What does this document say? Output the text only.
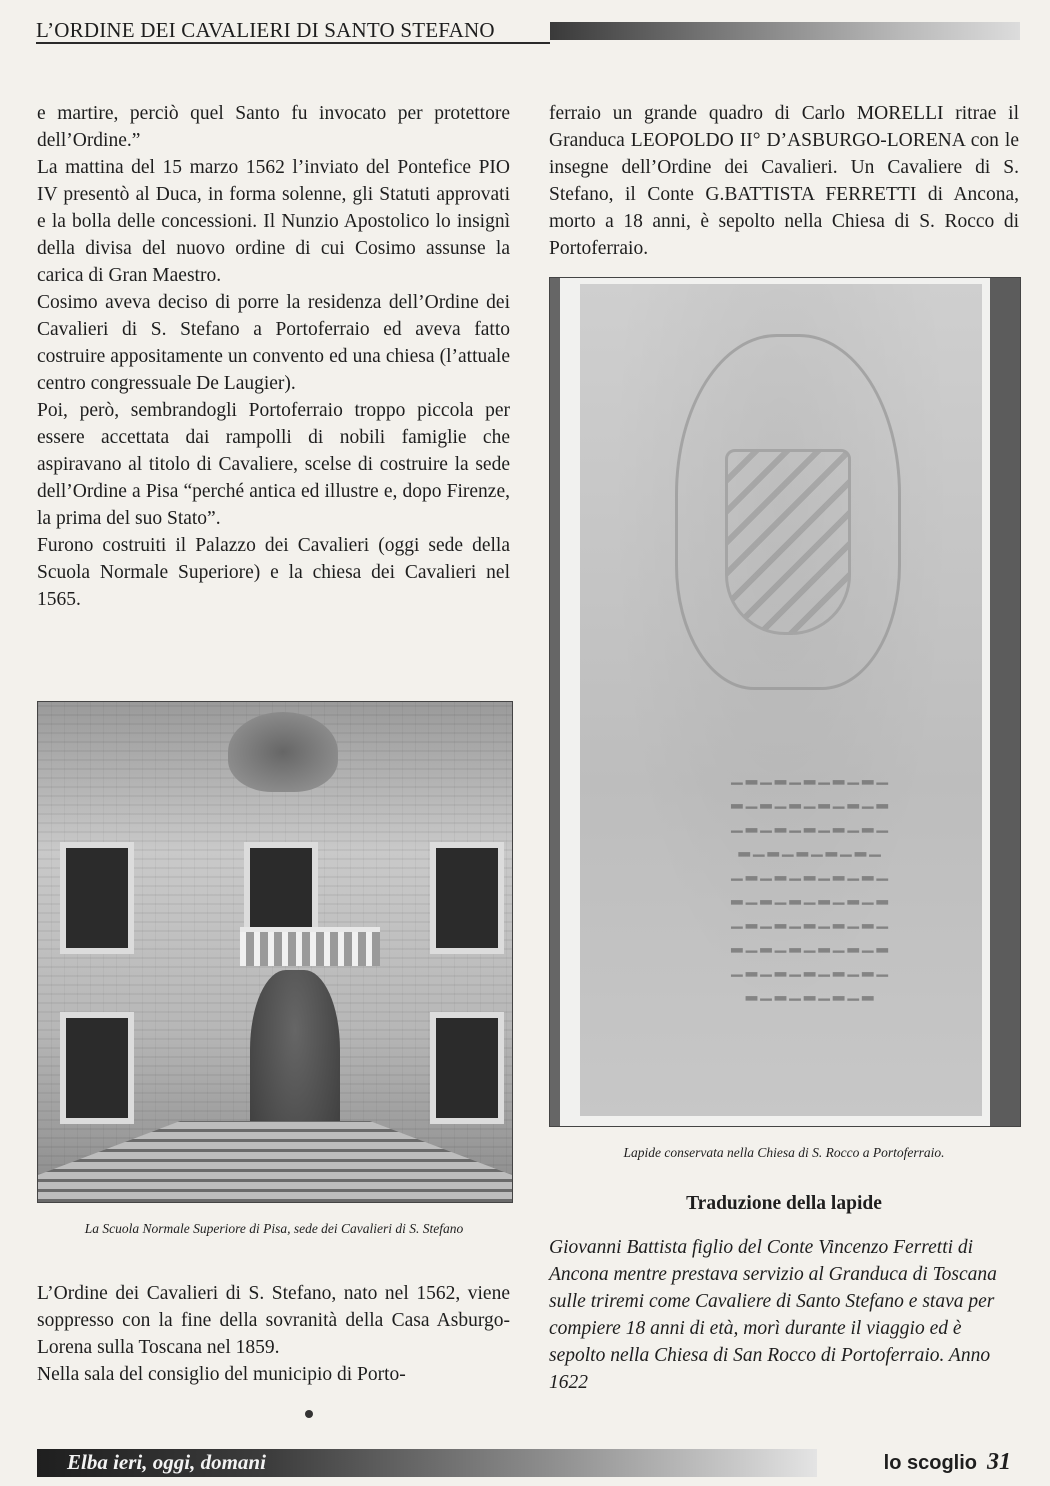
L’ORDINE DEI CAVALIERI DI SANTO STEFANO

e martire, perciò quel Santo fu invocato per protettore dell’Ordine.”

La mattina del 15 marzo 1562 l’inviato del Pontefice PIO IV presentò al Duca, in forma solenne, gli Statuti approvati e la bolla delle concessioni. Il Nunzio Apostolico lo insignì della divisa del nuovo ordine di cui Cosimo assunse la carica di Gran Maestro.

Cosimo aveva deciso di porre la residenza dell’Ordine dei Cavalieri di S. Stefano a Portoferraio ed aveva fatto costruire appositamente un convento ed una chiesa (l’attuale centro congressuale De Laugier).

Poi, però, sembrandogli Portoferraio troppo piccola per essere accettata dai rampolli di nobili famiglie che aspiravano al titolo di Cavaliere, scelse di costruire la sede dell’Ordine a Pisa “perché antica ed illustre e, dopo Firenze, la prima del suo Stato”.

Furono costruiti il Palazzo dei Cavalieri (oggi sede della Scuola Normale Superiore) e la chiesa dei Cavalieri nel 1565.

La Scuola Normale Superiore di Pisa, sede dei Cavalieri di S. Stefano

L’Ordine dei Cavalieri di S. Stefano, nato nel 1562, viene soppresso con la fine della sovranità della Casa Asburgo-Lorena sulla Toscana nel 1859.

Nella sala del consiglio del municipio di Porto-

ferraio un grande quadro di Carlo MORELLI ritrae il Granduca LEOPOLDO II° D’ASBURGO-LORENA con le insegne dell’Ordine dei Cavalieri. Un Cavaliere di S. Stefano, il Conte G.BATTISTA FERRETTI di Ancona, morto a 18 anni, è sepolto nella Chiesa di S. Rocco di Portoferraio.

▁▂▁▂▁▂▁▂▁▂▁
▂▁▂▁▂▁▂▁▂▁▂
▁▂▁▂▁▂▁▂▁▂▁
▂▁▂▁▂▁▂▁▂▁
▁▂▁▂▁▂▁▂▁▂▁
▂▁▂▁▂▁▂▁▂▁▂
▁▂▁▂▁▂▁▂▁▂▁
▂▁▂▁▂▁▂▁▂▁▂
▁▂▁▂▁▂▁▂▁▂▁
▂▁▂▁▂▁▂▁▂
Lapide conservata nella Chiesa di S. Rocco a Portoferraio.
Traduzione della lapide

Giovanni Battista figlio del Conte Vincenzo Ferretti di Ancona mentre prestava servizio al Granduca di Toscana sulle triremi come Cavaliere di Santo Stefano e stava per compiere 18 anni di età, morì durante il viaggio ed è sepolto nella Chiesa di San Rocco di Portoferraio. Anno 1622

Elba ieri, oggi, domani	lo scoglio 31
